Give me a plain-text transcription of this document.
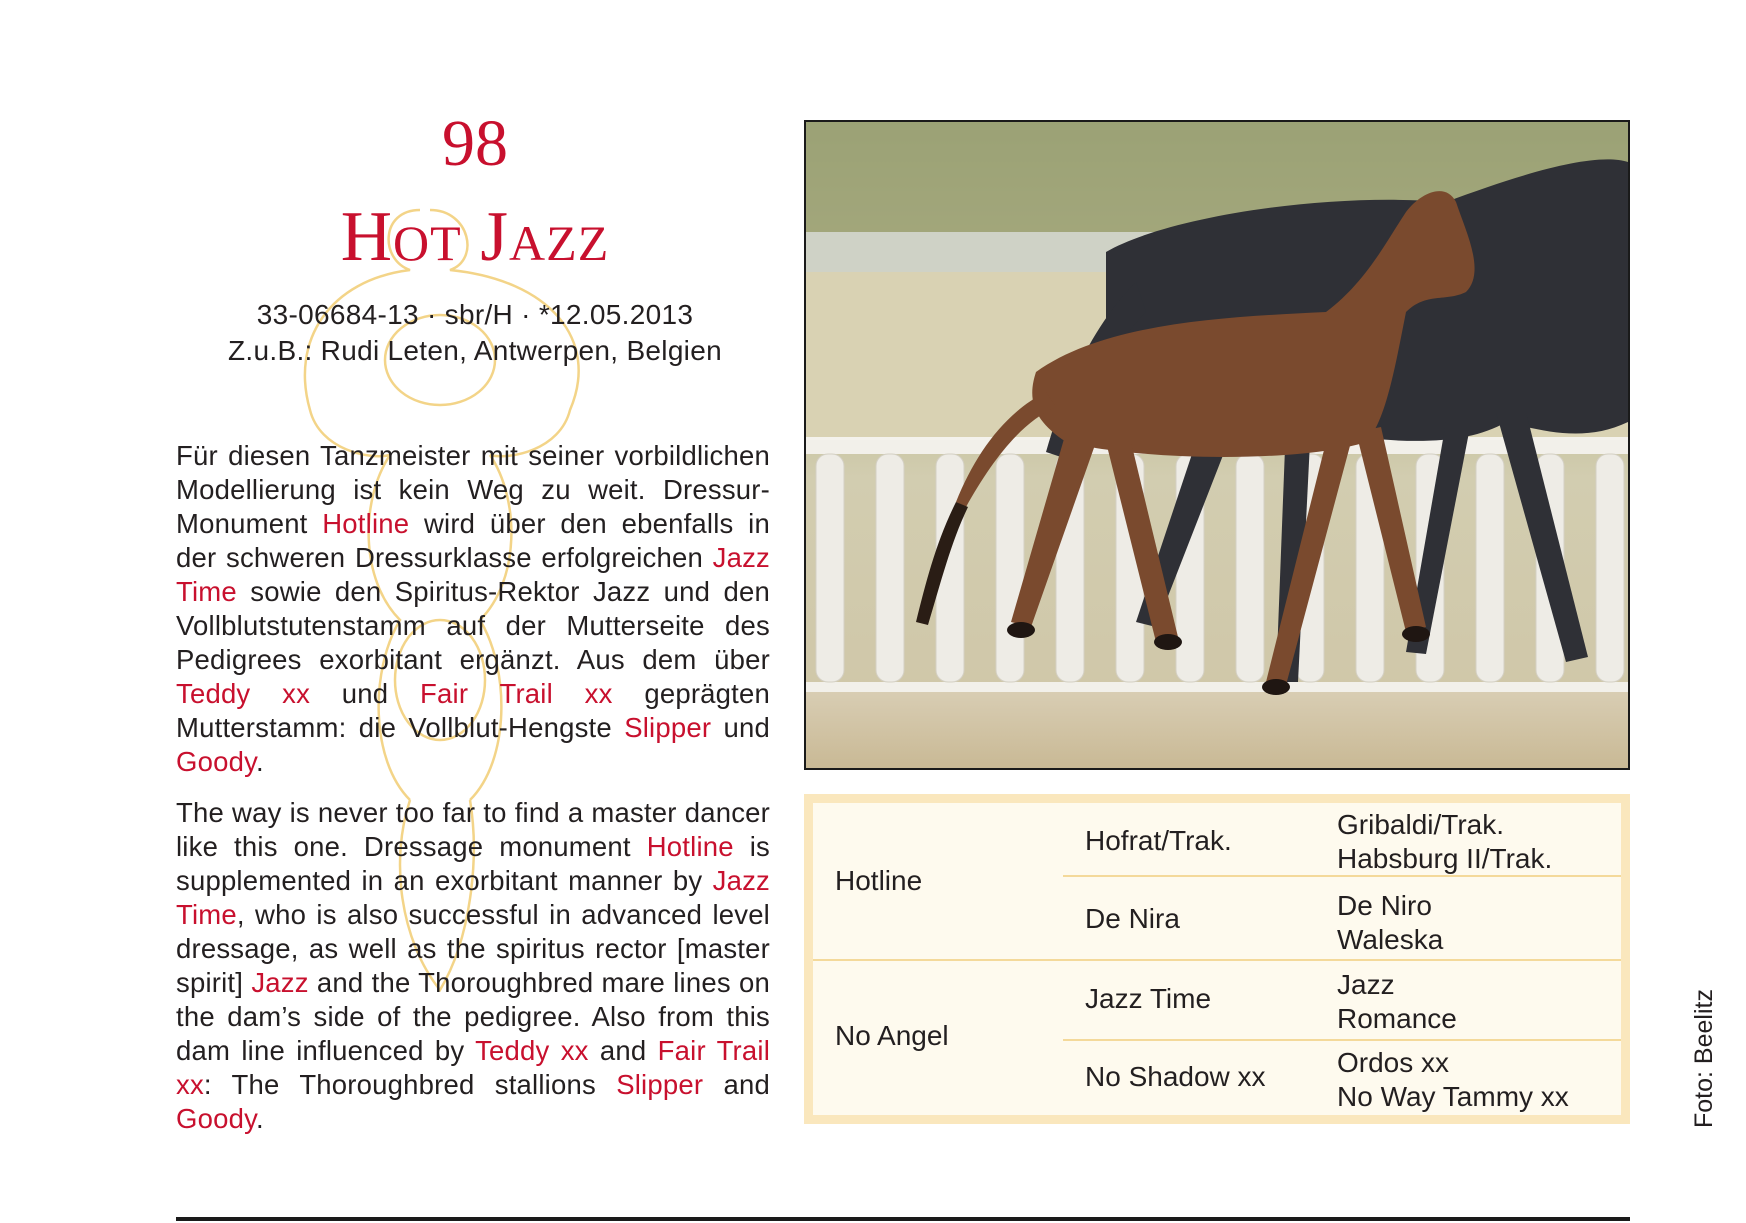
98
Hot Jazz
33-06684-13 · sbr/H · *12.05.2013
Z.u.B.: Rudi Leten, Antwerpen, Belgien

Für diesen Tanzmeister mit seiner vorbildlichen Modellierung ist kein Weg zu weit. Dressur-Monument Hotline wird über den ebenfalls in der schweren Dressurklasse erfolgreichen Jazz Time sowie den Spiritus-Rektor Jazz und den Vollblutstutenstamm auf der Mutterseite des Pedigrees exorbitant ergänzt. Aus dem über Teddy xx und Fair Trail xx geprägten Mutterstamm: die Vollblut-Hengste Slipper und Goody.

The way is never too far to find a master dancer like this one. Dressage monument Hotline is supplemented in an exorbitant manner by Jazz Time, who is also successful in advanced level dressage, as well as the spiritus rector [master spirit] Jazz and the Thoroughbred mare lines on the dam’s side of the pedigree. Also from this dam line influenced by Teddy xx and Fair Trail xx: The Thoroughbred stallions Slipper and Goody.

Hotline
No Angel
Hofrat/Trak.
De Nira
Jazz Time
No Shadow xx
Gribaldi/Trak.
Habsburg II/Trak.
De Niro
Waleska
Jazz
Romance
Ordos xx
No Way Tammy xx	Foto: Beelitz
